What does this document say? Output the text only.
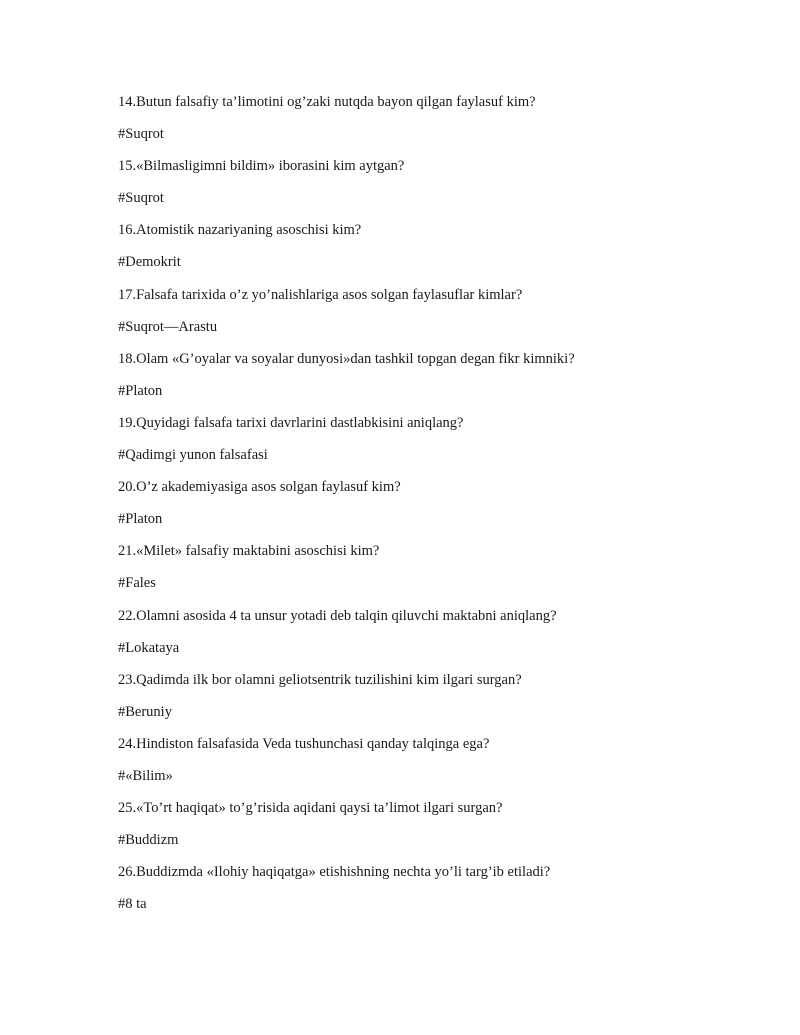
14.Butun falsafiy ta’limotini og’zaki nutqda bayon qilgan faylasuf kim?
#Suqrot
15.«Bilmasligimni bildim» iborasini kim aytgan?
#Suqrot
16.Atomistik nazariyaning asoschisi kim?
#Demokrit
17.Falsafa tarixida o’z yo’nalishlariga asos solgan faylasuflar kimlar?
#Suqrot—Arastu
18.Olam «G’oyalar va soyalar dunyosi»dan tashkil topgan degan fikr kimniki?
#Platon
19.Quyidagi falsafa tarixi davrlarini dastlabkisini aniqlang?
#Qadimgi yunon falsafasi
20.O’z akademiyasiga asos solgan faylasuf kim?
#Platon
21.«Milet» falsafiy maktabini asoschisi kim?
#Fales
22.Olamni asosida 4 ta unsur yotadi deb talqin qiluvchi maktabni aniqlang?
#Lokataya
23.Qadimda ilk bor olamni geliotsentrik tuzilishini kim ilgari surgan?
#Beruniy
24.Hindiston falsafasida Veda tushunchasi qanday talqinga ega?
#«Bilim»
25.«To’rt haqiqat» to’g’risida aqidani qaysi ta’limot ilgari surgan?
#Buddizm
26.Buddizmda «Ilohiy haqiqatga» etishishning nechta yo’li targ’ib etiladi?
#8 ta
